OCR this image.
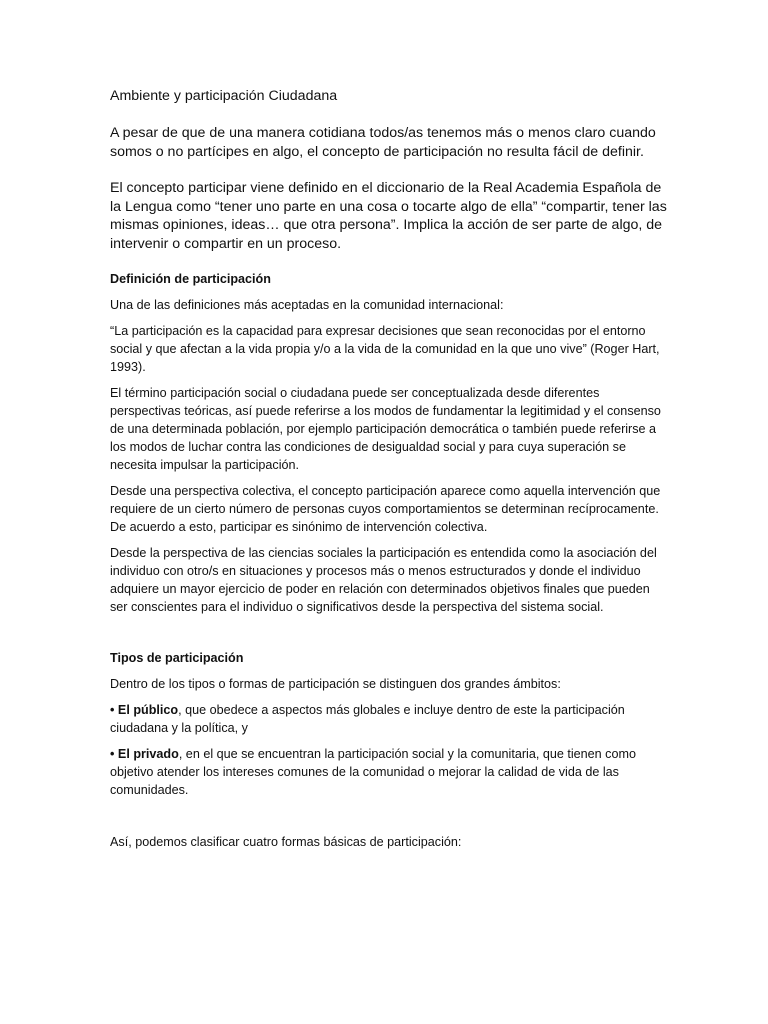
Ambiente y participación Ciudadana

A pesar de que de una manera cotidiana todos/as tenemos más o menos claro cuando somos o no partícipes en algo, el concepto de participación no resulta fácil de definir.

El concepto participar viene definido en el diccionario de la Real Academia Española de la Lengua como “tener uno parte en una cosa o tocarte algo de ella” “compartir, tener las mismas opiniones, ideas… que otra persona”. Implica la acción de ser parte de algo, de intervenir o compartir en un proceso.

Definición de participación

Una de las definiciones más aceptadas en la comunidad internacional:

“La participación es la capacidad para expresar decisiones que sean reconocidas por el entorno social y que afectan a la vida propia y/o a la vida de la comunidad en la que uno vive” (Roger Hart, 1993).

El término participación social o ciudadana puede ser conceptualizada desde diferentes perspectivas teóricas, así puede referirse a los modos de fundamentar la legitimidad y el consenso de una determinada población, por ejemplo participación democrática o también puede referirse a los modos de luchar contra las condiciones de desigualdad social y para cuya superación se necesita impulsar la participación.

Desde una perspectiva colectiva, el concepto participación aparece como aquella intervención que requiere de un cierto número de personas cuyos comportamientos se determinan recíprocamente. De acuerdo a esto, participar es sinónimo de intervención colectiva.

Desde la perspectiva de las ciencias sociales la participación es entendida como la asociación del individuo con otro/s en situaciones y procesos más o menos estructurados y donde el individuo adquiere un mayor ejercicio de poder en relación con determinados objetivos finales que pueden ser conscientes para el individuo o significativos desde la perspectiva del sistema social.

Tipos de participación

Dentro de los tipos o formas de participación se distinguen dos grandes ámbitos:

• El público, que obedece a aspectos más globales e incluye dentro de este la participación ciudadana y la política, y

• El privado, en el que se encuentran la participación social y la comunitaria, que tienen como objetivo atender los intereses comunes de la comunidad o mejorar la calidad de vida de las comunidades.

Así, podemos clasificar cuatro formas básicas de participación:
